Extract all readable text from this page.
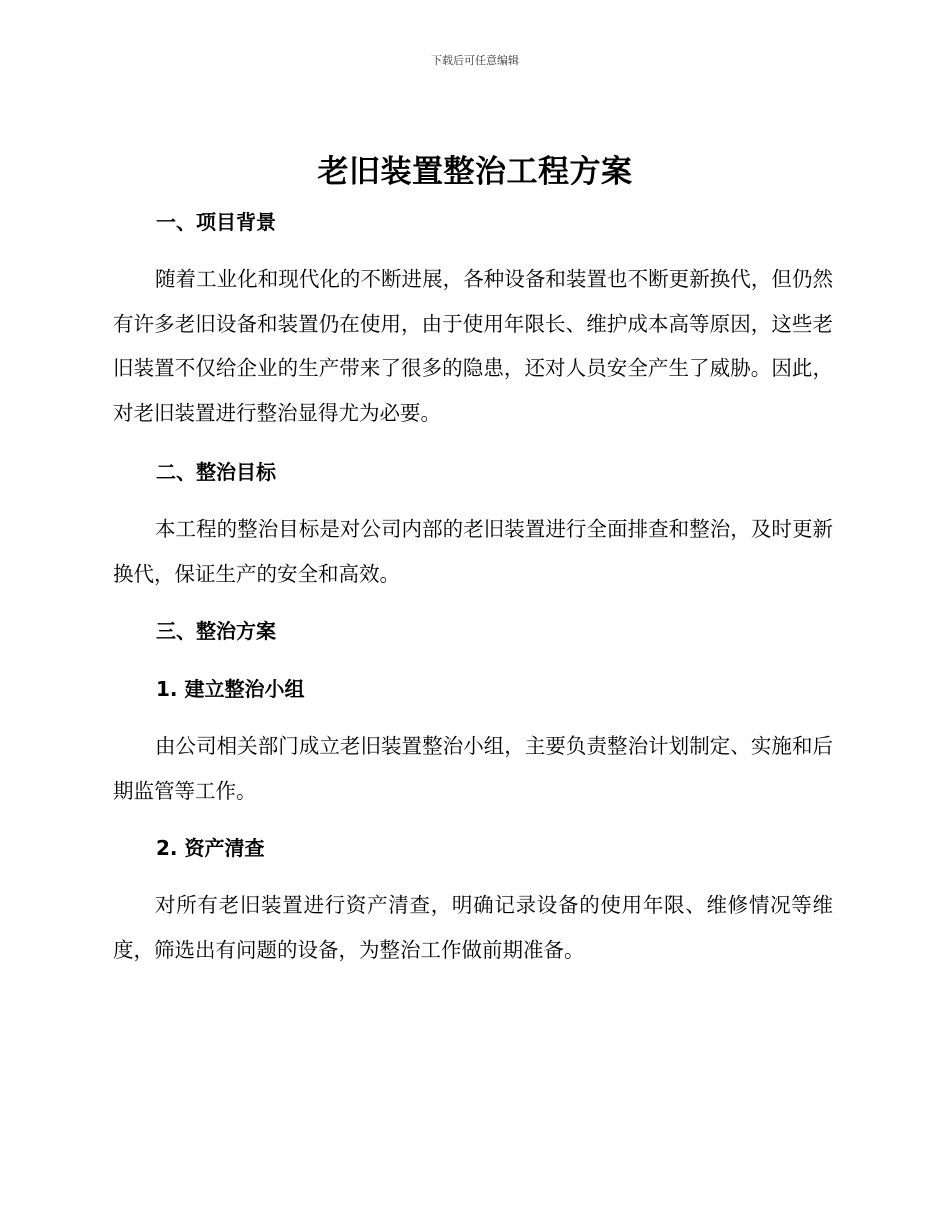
下载后可任意编辑
老旧装置整治工程方案
一、项目背景

随着工业化和现代化的不断进展，各种设备和装置也不断更新换代，但仍然有许多老旧设备和装置仍在使用，由于使用年限长、维护成本高等原因，这些老旧装置不仅给企业的生产带来了很多的隐患，还对人员安全产生了威胁。因此，对老旧装置进行整治显得尤为必要。

二、整治目标

本工程的整治目标是对公司内部的老旧装置进行全面排查和整治，及时更新换代，保证生产的安全和高效。

三、整治方案
1. 建立整治小组

由公司相关部门成立老旧装置整治小组，主要负责整治计划制定、实施和后期监管等工作。

2. 资产清查

对所有老旧装置进行资产清查，明确记录设备的使用年限、维修情况等维度，筛选出有问题的设备，为整治工作做前期准备。
